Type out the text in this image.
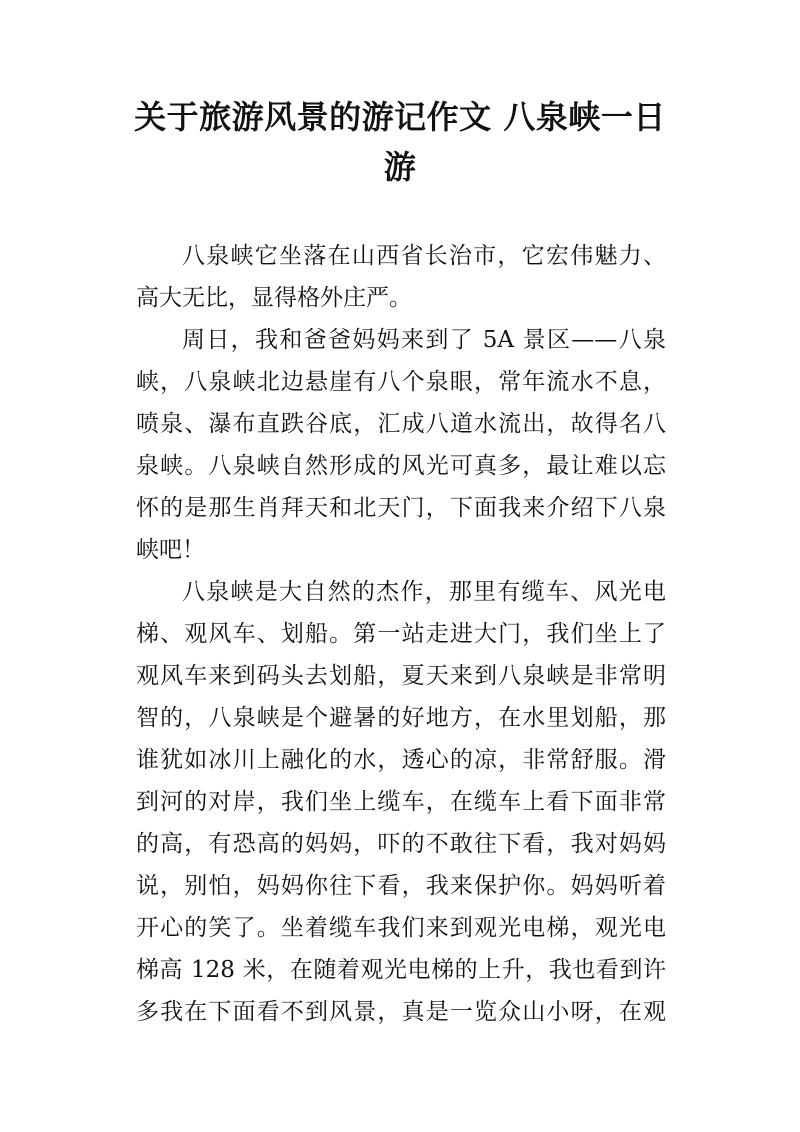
关于旅游风景的游记作文 八泉峡一日
游
八泉峡它坐落在山西省长治市，它宏伟魅力、
高大无比，显得格外庄严。
周日，我和爸爸妈妈来到了 5A 景区——八泉
峡，八泉峡北边悬崖有八个泉眼，常年流水不息，
喷泉、瀑布直跌谷底，汇成八道水流出，故得名八
泉峡。八泉峡自然形成的风光可真多，最让难以忘
怀的是那生肖拜天和北天门，下面我来介绍下八泉
峡吧！
八泉峡是大自然的杰作，那里有缆车、风光电
梯、观风车、划船。第一站走进大门，我们坐上了
观风车来到码头去划船，夏天来到八泉峡是非常明
智的，八泉峡是个避暑的好地方，在水里划船，那
谁犹如冰川上融化的水，透心的凉，非常舒服。滑
到河的对岸，我们坐上缆车，在缆车上看下面非常
的高，有恐高的妈妈，吓的不敢往下看，我对妈妈
说，别怕，妈妈你往下看，我来保护你。妈妈听着
开心的笑了。坐着缆车我们来到观光电梯，观光电
梯高 128 米，在随着观光电梯的上升，我也看到许
多我在下面看不到风景，真是一览众山小呀，在观
